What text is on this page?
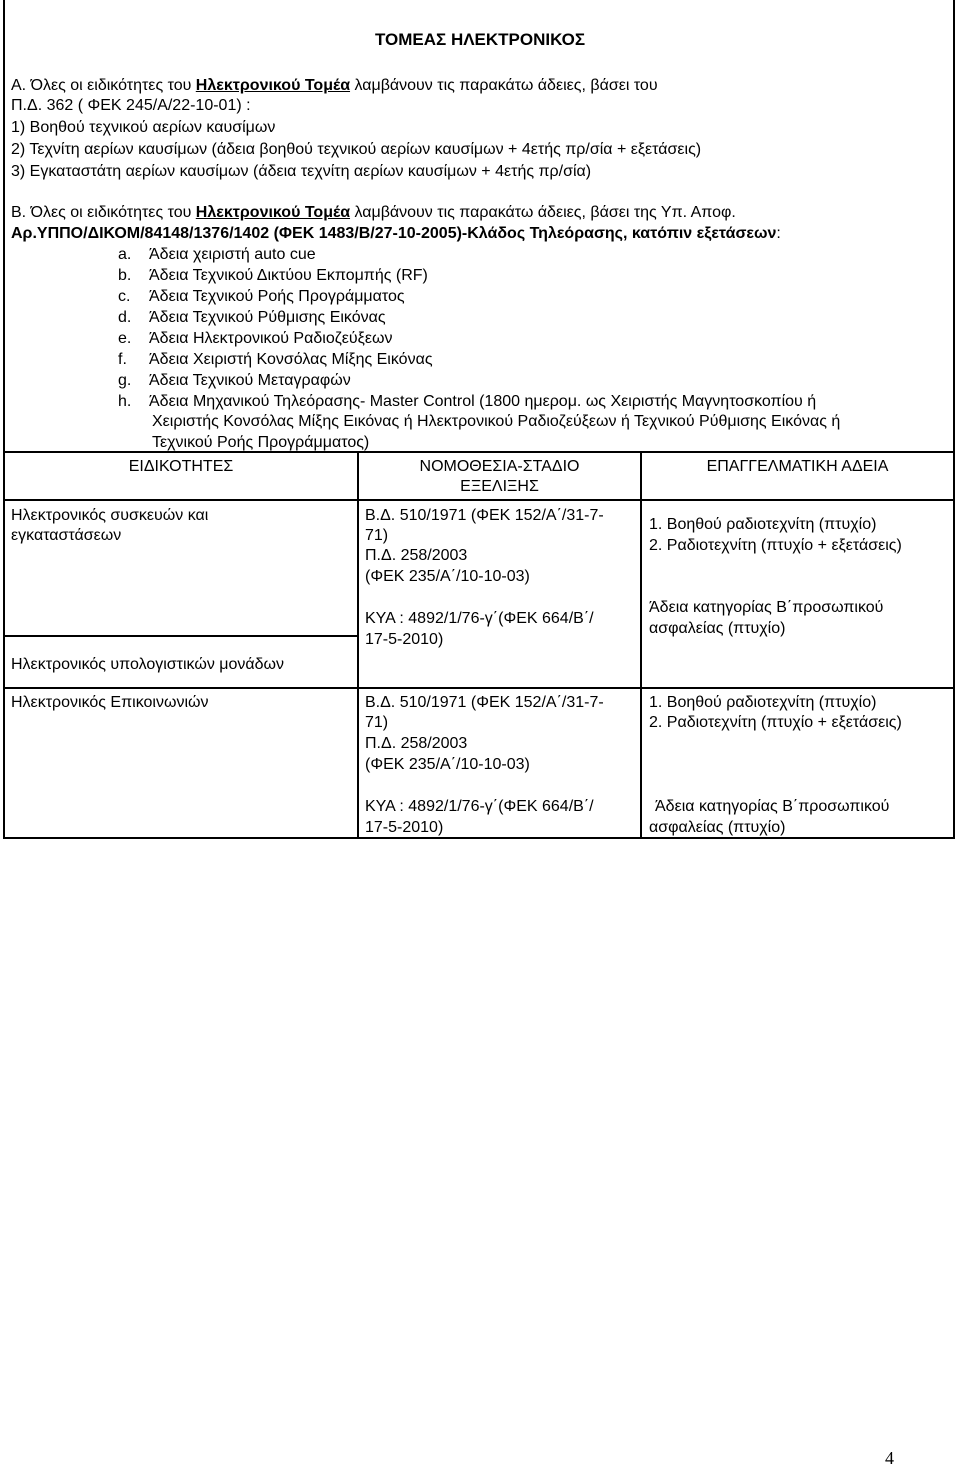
ΤΟΜΕΑΣ ΗΛΕΚΤΡΟΝΙΚΟΣ
Α. Όλες οι ειδικότητες του Ηλεκτρονικού Τομέα λαμβάνουν τις παρακάτω άδειες, βάσει του
Π.Δ. 362 ( ΦΕΚ 245/Α/22-10-01) :
1) Βοηθού τεχνικού αερίων καυσίμων
2) Τεχνίτη αερίων καυσίμων (άδεια βοηθού τεχνικού αερίων καυσίμων + 4ετής πρ/σία + εξετάσεις)
3) Εγκαταστάτη αερίων καυσίμων (άδεια τεχνίτη αερίων καυσίμων + 4ετής πρ/σία)
Β. Όλες οι ειδικότητες του Ηλεκτρονικού Τομέα λαμβάνουν τις παρακάτω άδειες, βάσει της Υπ. Αποφ.
Αρ.ΥΠΠΟ/ΔΙΚΟΜ/84148/1376/1402 (ΦΕΚ 1483/Β/27-10-2005)-Κλάδος Τηλεόρασης, κατόπιν εξετάσεων:
a. Άδεια χειριστή auto cue
b. Άδεια Τεχνικού Δικτύου Εκπομπής (RF)
c. Άδεια Τεχνικού Ροής Προγράμματος
d. Άδεια Τεχνικού Ρύθμισης Εικόνας
e. Άδεια Ηλεκτρονικού Ραδιοζεύξεων
f. Άδεια Χειριστή Κονσόλας Μίξης Εικόνας
g. Άδεια Τεχνικού Μεταγραφών
h. Άδεια Μηχανικού Τηλεόρασης- Master Control (1800 ημερομ. ως Χειριστής Μαγνητοσκοπίου ή
Χειριστής Κονσόλας Μίξης Εικόνας ή Ηλεκτρονικού Ραδιοζεύξεων ή Τεχνικού Ρύθμισης Εικόνας ή
Τεχνικού Ροής Προγράμματος)
ΕΙΔΙΚΟΤΗΤΕΣ	ΝΟΜΟΘΕΣΙΑ-ΣΤΑΔΙΟ
ΕΞΕΛΙΞΗΣ
ΕΠΑΓΓΕΛΜΑΤΙΚΗ ΑΔΕΙΑ
Ηλεκτρονικός συσκευών και
εγκαταστάσεων
Ηλεκτρονικός υπολογιστικών μονάδων
Β.Δ. 510/1971 (ΦΕΚ 152/Α΄/31-7-
71)
Π.Δ. 258/2003
(ΦΕΚ 235/Α΄/10-10-03)
ΚΥΑ : 4892/1/76-γ΄(ΦΕΚ 664/Β΄/
17-5-2010)
1. Βοηθού ραδιοτεχνίτη (πτυχίο)
2. Ραδιοτεχνίτη (πτυχίο + εξετάσεις)
Άδεια κατηγορίας Β΄προσωπικού
ασφαλείας (πτυχίο)
Ηλεκτρονικός Επικοινωνιών	Β.Δ. 510/1971 (ΦΕΚ 152/Α΄/31-7-
71)
Π.Δ. 258/2003
(ΦΕΚ 235/Α΄/10-10-03)
ΚΥΑ : 4892/1/76-γ΄(ΦΕΚ 664/Β΄/
17-5-2010)
1. Βοηθού ραδιοτεχνίτη (πτυχίο)
2. Ραδιοτεχνίτη (πτυχίο + εξετάσεις)
Άδεια κατηγορίας Β΄προσωπικού
ασφαλείας (πτυχίο)
4
